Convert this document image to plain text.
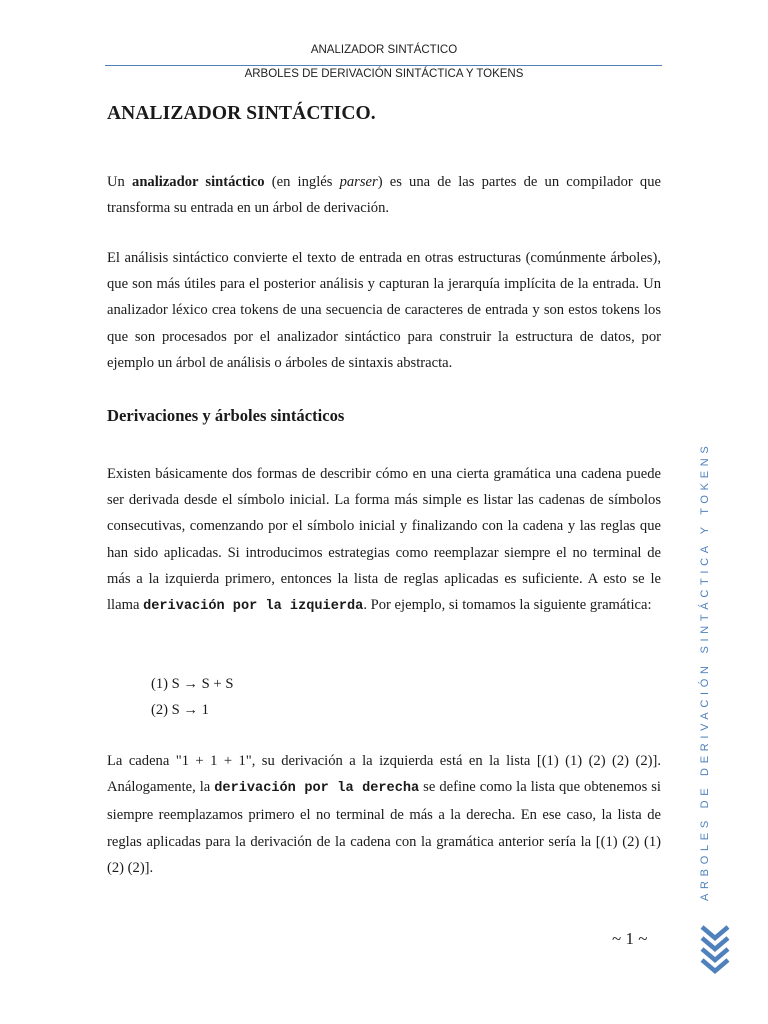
ANALIZADOR SINTÁCTICO
ARBOLES DE DERIVACIÓN SINTÁCTICA Y TOKENS
ANALIZADOR SINTÁCTICO.

Un analizador sintáctico (en inglés parser) es una de las partes de un compilador que transforma su entrada en un árbol de derivación.

El análisis sintáctico convierte el texto de entrada en otras estructuras (comúnmente árboles), que son más útiles para el posterior análisis y capturan la jerarquía implícita de la entrada. Un analizador léxico crea tokens de una secuencia de caracteres de entrada y son estos tokens los que son procesados por el analizador sintáctico para construir la estructura de datos, por ejemplo un árbol de análisis o árboles de sintaxis abstracta.

Derivaciones y árboles sintácticos

Existen básicamente dos formas de describir cómo en una cierta gramática una cadena puede ser derivada desde el símbolo inicial. La forma más simple es listar las cadenas de símbolos consecutivas, comenzando por el símbolo inicial y finalizando con la cadena y las reglas que han sido aplicadas. Si introducimos estrategias como reemplazar siempre el no terminal de más a la izquierda primero, entonces la lista de reglas aplicadas es suficiente. A esto se le llama derivación por la izquierda. Por ejemplo, si tomamos la siguiente gramática:

(1) S → S + S
(2) S → 1

La cadena "1 + 1 + 1", su derivación a la izquierda está en la lista [(1) (1) (2) (2) (2)]. Análogamente, la derivación por la derecha se define como la lista que obtenemos si siempre reemplazamos primero el no terminal de más a la derecha. En ese caso, la lista de reglas aplicadas para la derivación de la cadena con la gramática anterior sería la [(1) (2) (1) (2) (2)].

~ 1 ~
ARBOLES DE DERIVACIÓN SINTÁCTICA Y TOKENS
